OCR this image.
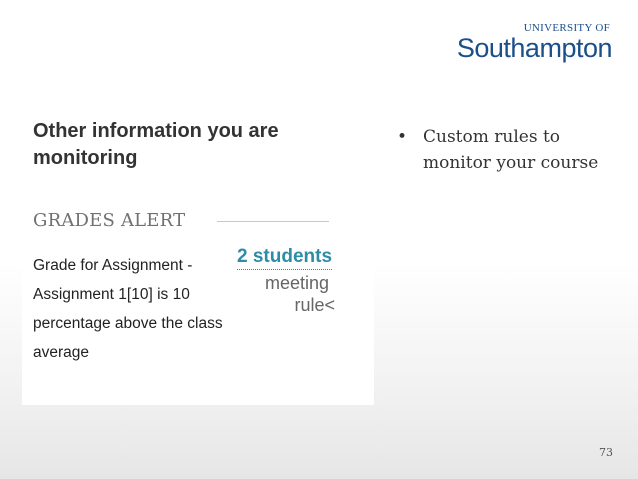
UNIVERSITY OF
Southampton
Other information you are monitoring
GRADES ALERT
Grade for Assignment - Assignment 1[10] is 10 percentage above the class average
2 students
meeting
rule<
• Custom rules to monitor your course
73
